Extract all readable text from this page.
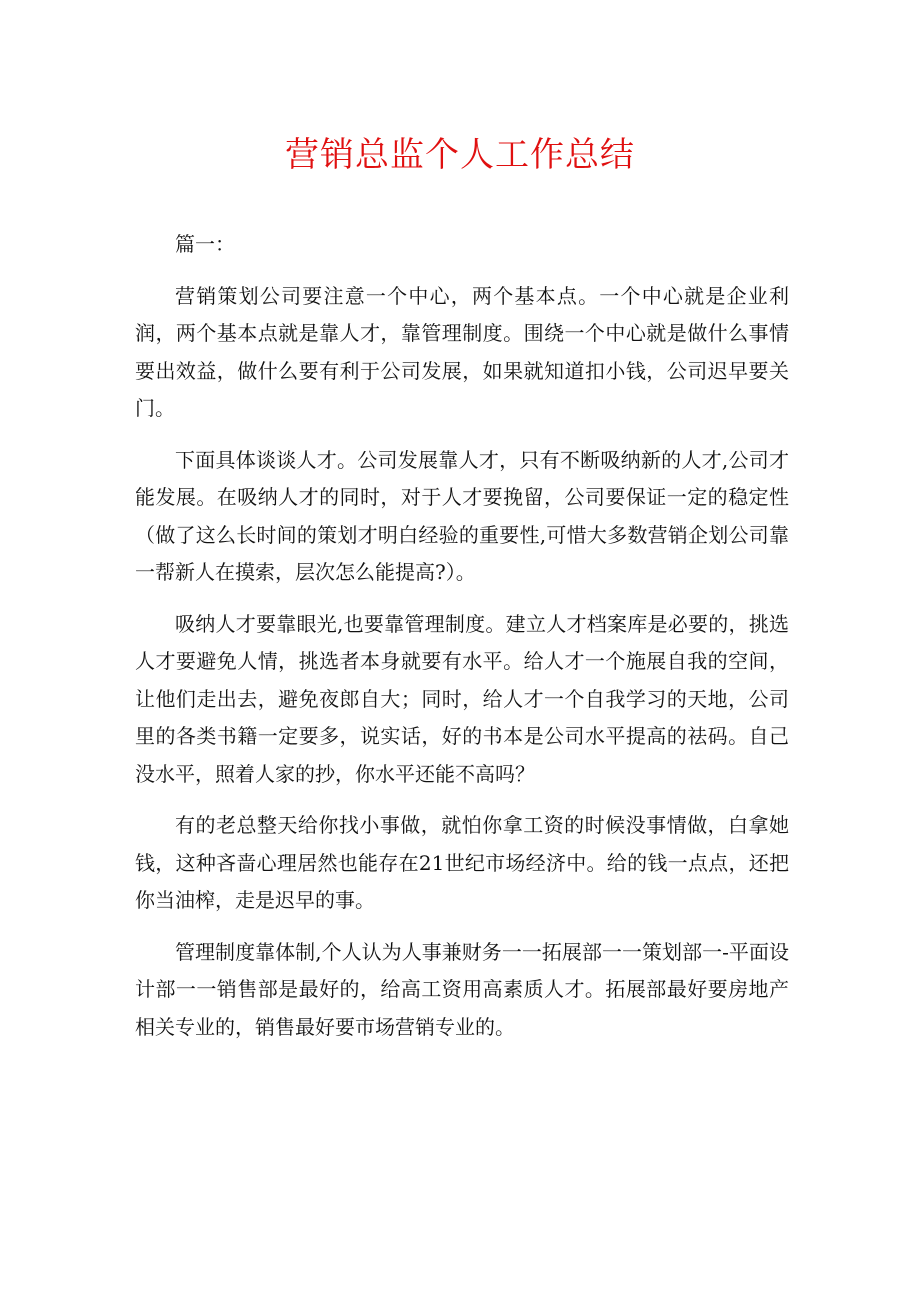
营销总监个人工作总结

篇一：

营销策划公司要注意一个中心，两个基本点。一个中心就是企业利润，两个基本点就是靠人才，靠管理制度。围绕一个中心就是做什么事情要出效益，做什么要有利于公司发展，如果就知道扣小钱，公司迟早要关门。

下面具体谈谈人才。公司发展靠人才，只有不断吸纳新的人才,公司才能发展。在吸纳人才的同时，对于人才要挽留，公司要保证一定的稳定性（做了这么长时间的策划才明白经验的重要性,可惜大多数营销企划公司靠一帮新人在摸索，层次怎么能提高?）。

吸纳人才要靠眼光,也要靠管理制度。建立人才档案库是必要的，挑选人才要避免人情，挑选者本身就要有水平。给人才一个施展自我的空间，让他们走出去，避免夜郎自大；同时，给人才一个自我学习的天地，公司里的各类书籍一定要多，说实话，好的书本是公司水平提高的祛码。自己没水平，照着人家的抄，你水平还能不高吗？

有的老总整天给你找小事做，就怕你拿工资的时候没事情做，白拿她钱，这种吝啬心理居然也能存在21世纪市场经济中。给的钱一点点，还把你当油榨，走是迟早的事。

管理制度靠体制,个人认为人事兼财务一一拓展部一一策划部一-平面设计部一一销售部是最好的，给高工资用高素质人才。拓展部最好要房地产相关专业的，销售最好要市场营销专业的。
